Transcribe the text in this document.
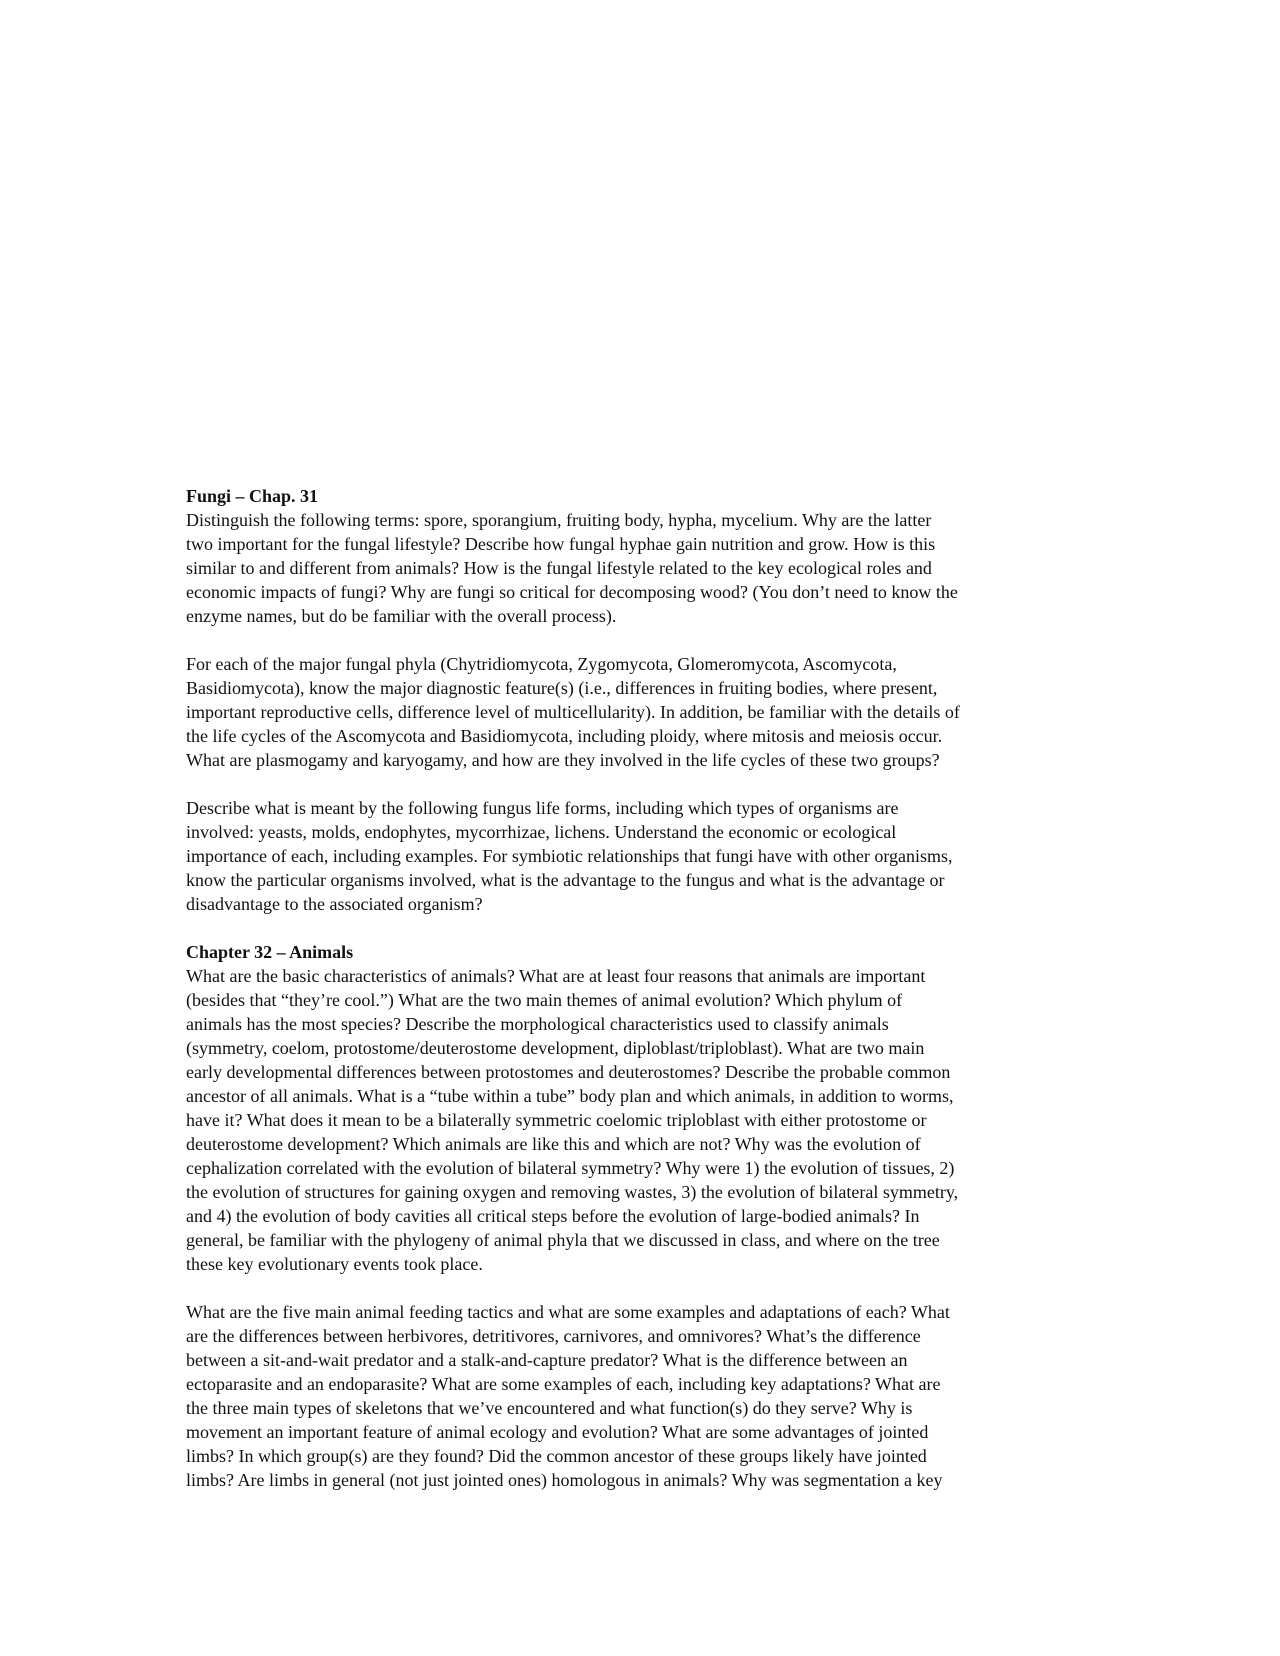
Fungi – Chap. 31

Distinguish the following terms: spore, sporangium, fruiting body, hypha, mycelium. Why are the latter
two important for the fungal lifestyle? Describe how fungal hyphae gain nutrition and grow. How is this
similar to and different from animals? How is the fungal lifestyle related to the key ecological roles and
economic impacts of fungi? Why are fungi so critical for decomposing wood? (You don’t need to know the
enzyme names, but do be familiar with the overall process).

For each of the major fungal phyla (Chytridiomycota, Zygomycota, Glomeromycota, Ascomycota,
Basidiomycota), know the major diagnostic feature(s) (i.e., differences in fruiting bodies, where present,
important reproductive cells, difference level of multicellularity). In addition, be familiar with the details of
the life cycles of the Ascomycota and Basidiomycota, including ploidy, where mitosis and meiosis occur.
What are plasmogamy and karyogamy, and how are they involved in the life cycles of these two groups?

Describe what is meant by the following fungus life forms, including which types of organisms are
involved: yeasts, molds, endophytes, mycorrhizae, lichens. Understand the economic or ecological
importance of each, including examples. For symbiotic relationships that fungi have with other organisms,
know the particular organisms involved, what is the advantage to the fungus and what is the advantage or
disadvantage to the associated organism?

Chapter 32 – Animals

What are the basic characteristics of animals? What are at least four reasons that animals are important
(besides that “they’re cool.”) What are the two main themes of animal evolution? Which phylum of
animals has the most species? Describe the morphological characteristics used to classify animals
(symmetry, coelom, protostome/deuterostome development, diploblast/triploblast). What are two main
early developmental differences between protostomes and deuterostomes? Describe the probable common
ancestor of all animals. What is a “tube within a tube” body plan and which animals, in addition to worms,
have it? What does it mean to be a bilaterally symmetric coelomic triploblast with either protostome or
deuterostome development? Which animals are like this and which are not? Why was the evolution of
cephalization correlated with the evolution of bilateral symmetry? Why were 1) the evolution of tissues, 2)
the evolution of structures for gaining oxygen and removing wastes, 3) the evolution of bilateral symmetry,
and 4) the evolution of body cavities all critical steps before the evolution of large-bodied animals? In
general, be familiar with the phylogeny of animal phyla that we discussed in class, and where on the tree
these key evolutionary events took place.

What are the five main animal feeding tactics and what are some examples and adaptations of each? What
are the differences between herbivores, detritivores, carnivores, and omnivores? What’s the difference
between a sit-and-wait predator and a stalk-and-capture predator? What is the difference between an
ectoparasite and an endoparasite? What are some examples of each, including key adaptations? What are
the three main types of skeletons that we’ve encountered and what function(s) do they serve? Why is
movement an important feature of animal ecology and evolution? What are some advantages of jointed
limbs? In which group(s) are they found? Did the common ancestor of these groups likely have jointed
limbs? Are limbs in general (not just jointed ones) homologous in animals? Why was segmentation a key
